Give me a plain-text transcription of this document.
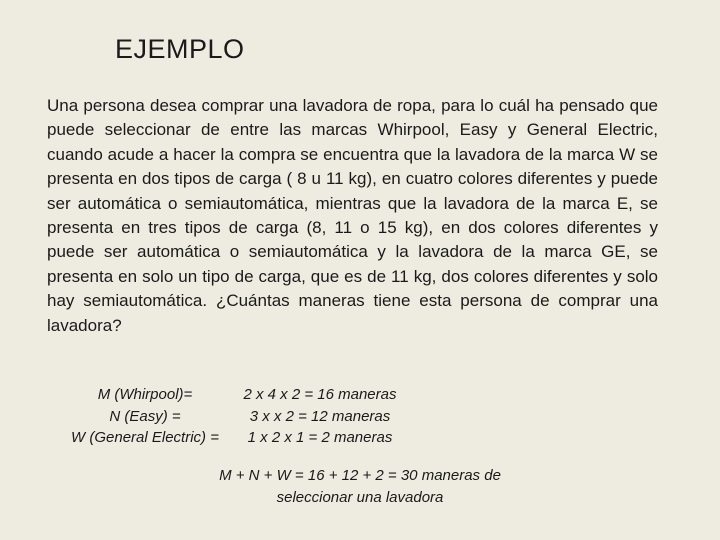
EJEMPLO
Una persona desea comprar una lavadora de ropa, para lo cuál ha pensado que puede seleccionar de entre las marcas Whirpool, Easy y General Electric, cuando acude a hacer la compra se encuentra que la lavadora de la marca W se presenta en dos tipos de carga ( 8 u 11 kg), en cuatro colores diferentes y puede ser automática o semiautomática, mientras que la lavadora de la marca E, se presenta en tres tipos de carga (8, 11 o 15 kg), en dos colores diferentes y puede ser automática o semiautomática y la lavadora de la marca GE, se presenta en solo un tipo de carga, que es de 11 kg, dos colores diferentes y solo hay semiautomática. ¿Cuántas maneras tiene esta persona de comprar una lavadora?
M (Whirpool)=
N (Easy) =
W (General Electric) =
2 x 4 x 2 = 16 maneras
3 x x 2 = 12 maneras
1 x 2 x 1 = 2 maneras
M + N + W = 16 + 12 + 2 = 30 maneras de
seleccionar una lavadora
